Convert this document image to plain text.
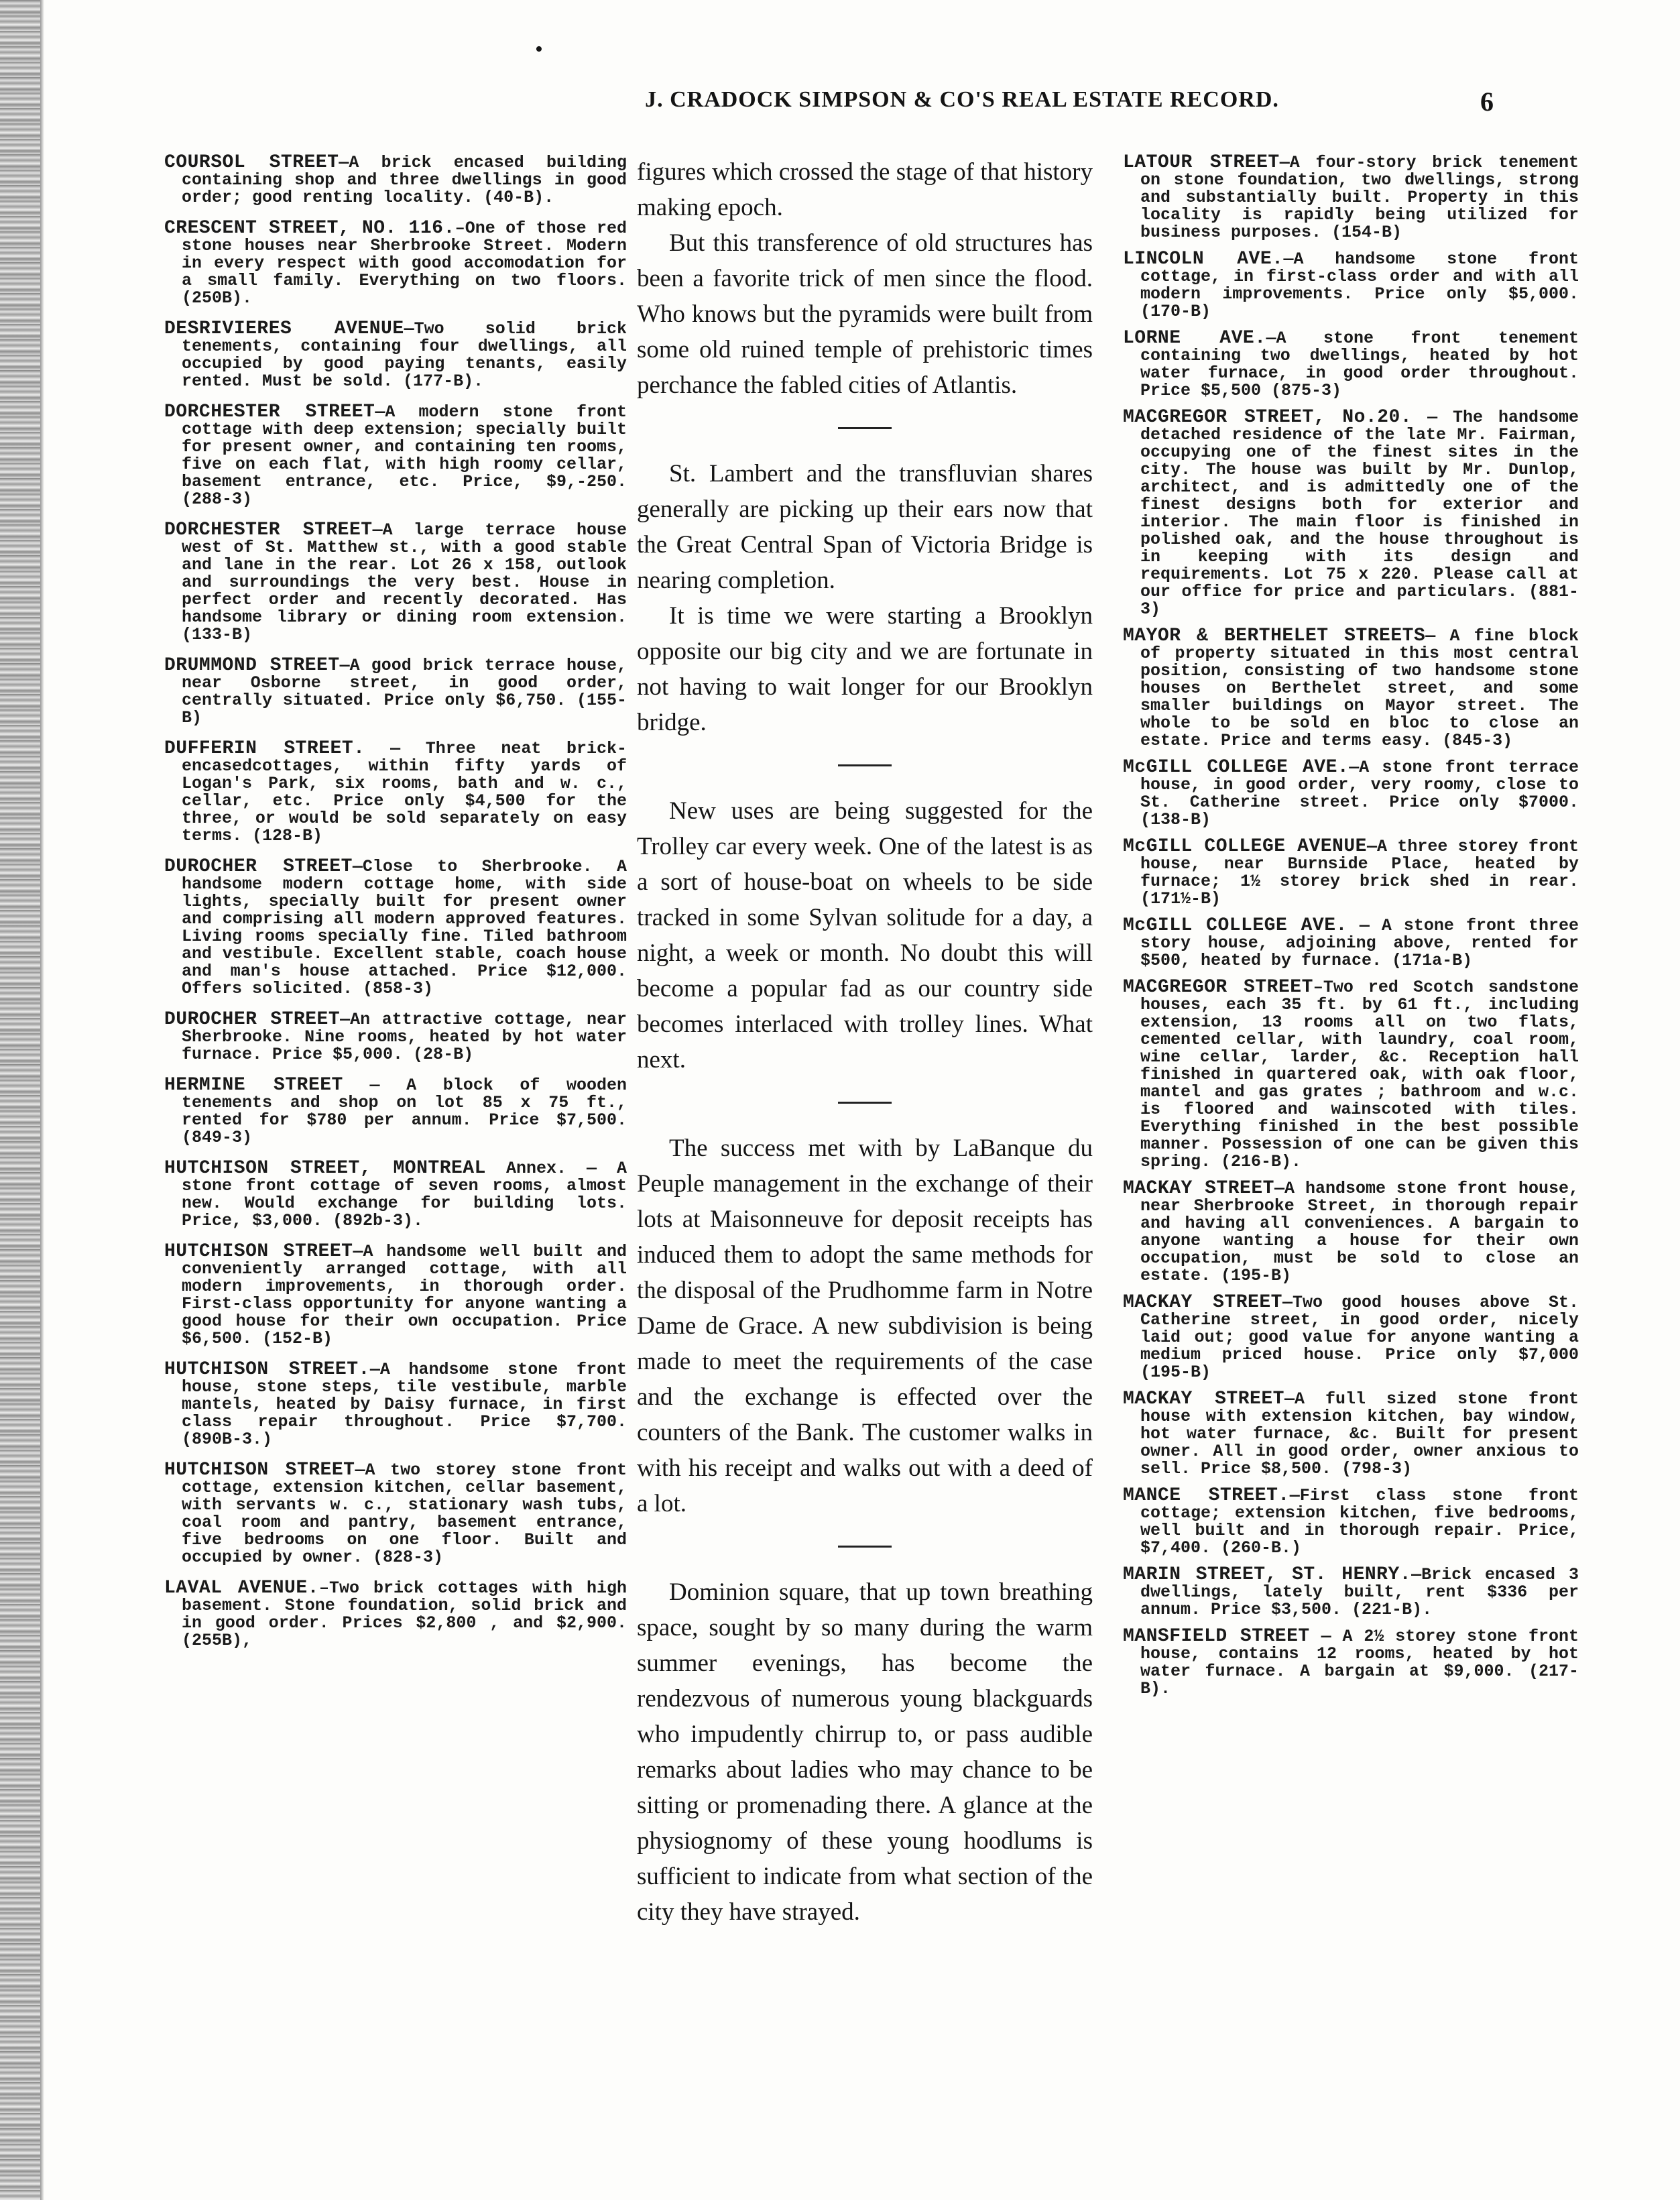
•
J. CRADOCK SIMPSON & CO'S REAL ESTATE RECORD.	6

COURSOL STREET—A brick encased building containing shop and three dwellings in good order; good renting locality. (40-B).

CRESCENT STREET, NO. 116.–One of those red stone houses near Sherbrooke Street. Modern in every respect with good accomodation for a small family. Everything on two floors. (250B).

DESRIVIERES AVENUE—Two solid brick tenements, containing four dwellings, all occupied by good paying tenants, easily rented. Must be sold. (177-B).

DORCHESTER STREET—A modern stone front cottage with deep extension; specially built for present owner, and containing ten rooms, five on each flat, with high roomy cellar, basement entrance, etc. Price, $9,-250. (288-3)

DORCHESTER STREET—A large terrace house west of St. Matthew st., with a good stable and lane in the rear. Lot 26 x 158, outlook and surroundings the very best. House in perfect order and recently decorated. Has handsome library or dining room extension. (133-B)

DRUMMOND STREET—A good brick terrace house, near Osborne street, in good order, centrally situated. Price only $6,750. (155-B)

DUFFERIN STREET. — Three neat brick-encasedcottages, within fifty yards of Logan's Park, six rooms, bath and w. c., cellar, etc. Price only $4,500 for the three, or would be sold separately on easy terms. (128-B)

DUROCHER STREET—Close to Sherbrooke. A handsome modern cottage home, with side lights, specially built for present owner and comprising all modern approved features. Living rooms specially fine. Tiled bathroom and vestibule. Excellent stable, coach house and man's house attached. Price $12,000. Offers solicited. (858-3)

DUROCHER STREET—An attractive cottage, near Sherbrooke. Nine rooms, heated by hot water furnace. Price $5,000. (28-B)

HERMINE STREET — A block of wooden tenements and shop on lot 85 x 75 ft., rented for $780 per annum. Price $7,500. (849-3)

HUTCHISON STREET, MONTREAL Annex. — A stone front cottage of seven rooms, almost new. Would exchange for building lots. Price, $3,000. (892b-3).

HUTCHISON STREET—A handsome well built and conveniently arranged cottage, with all modern improvements, in thorough order. First-class opportunity for anyone wanting a good house for their own occupation. Price $6,500. (152-B)

HUTCHISON STREET.—A handsome stone front house, stone steps, tile vestibule, marble mantels, heated by Daisy furnace, in first class repair throughout. Price $7,700. (890B-3.)

HUTCHISON STREET—A two storey stone front cottage, extension kitchen, cellar basement, with servants w. c., stationary wash tubs, coal room and pantry, basement entrance, five bedrooms on one floor. Built and occupied by owner. (828-3)

LAVAL AVENUE.–Two brick cottages with high basement. Stone foundation, solid brick and in good order. Prices $2,800 , and $2,900. (255B),

figures which crossed the stage of that history making epoch.

But this transference of old structures has been a favorite trick of men since the flood. Who knows but the pyramids were built from some old ruined temple of prehistoric times perchance the fabled cities of Atlantis.

St. Lambert and the transfluvian shares generally are picking up their ears now that the Great Central Span of Victoria Bridge is nearing completion.

It is time we were starting a Brooklyn opposite our big city and we are fortunate in not having to wait longer for our Brooklyn bridge.

New uses are being suggested for the Trolley car every week. One of the latest is as a sort of house-boat on wheels to be side tracked in some Sylvan solitude for a day, a night, a week or month. No doubt this will become a popular fad as our country side becomes interlaced with trolley lines. What next.

The success met with by LaBanque du Peuple management in the exchange of their lots at Maisonneuve for deposit receipts has induced them to adopt the same methods for the disposal of the Prudhomme farm in Notre Dame de Grace. A new subdivision is being made to meet the requirements of the case and the exchange is effected over the counters of the Bank. The customer walks in with his receipt and walks out with a deed of a lot.

Dominion square, that up town breathing space, sought by so many during the warm summer evenings, has become the rendezvous of numerous young blackguards who impudently chirrup to, or pass audible remarks about ladies who may chance to be sitting or promenading there. A glance at the physiognomy of these young hoodlums is sufficient to indicate from what section of the city they have strayed.

LATOUR STREET—A four-story brick tenement on stone foundation, two dwellings, strong and substantially built. Property in this locality is rapidly being utilized for business purposes. (154-B)

LINCOLN AVE.—A handsome stone front cottage, in first-class order and with all modern improvements. Price only $5,000. (170-B)

LORNE AVE.—A stone front tenement containing two dwellings, heated by hot water furnace, in good order throughout. Price $5,500 (875-3)

MACGREGOR STREET, No.20. — The handsome detached residence of the late Mr. Fairman, occupying one of the finest sites in the city. The house was built by Mr. Dunlop, architect, and is admittedly one of the finest designs both for exterior and interior. The main floor is finished in polished oak, and the house throughout is in keeping with its design and requirements. Lot 75 x 220. Please call at our office for price and particulars. (881-3)

MAYOR & BERTHELET STREETS— A fine block of property situated in this most central position, consisting of two handsome stone houses on Berthelet street, and some smaller buildings on Mayor street. The whole to be sold en bloc to close an estate. Price and terms easy. (845-3)

McGILL COLLEGE AVE.—A stone front terrace house, in good order, very roomy, close to St. Catherine street. Price only $7000. (138-B)

McGILL COLLEGE AVENUE—A three storey front house, near Burnside Place, heated by furnace; 1½ storey brick shed in rear. (171½-B)

McGILL COLLEGE AVE. — A stone front three story house, adjoining above, rented for $500, heated by furnace. (171a-B)

MACGREGOR STREET–Two red Scotch sandstone houses, each 35 ft. by 61 ft., including extension, 13 rooms all on two flats, cemented cellar, with laundry, coal room, wine cellar, larder, &c. Reception hall finished in quartered oak, with oak floor, mantel and gas grates ; bathroom and w.c. is floored and wainscoted with tiles. Everything finished in the best possible manner. Possession of one can be given this spring. (216-B).

MACKAY STREET—A handsome stone front house, near Sherbrooke Street, in thorough repair and having all conveniences. A bargain to anyone wanting a house for their own occupation, must be sold to close an estate. (195-B)

MACKAY STREET—Two good houses above St. Catherine street, in good order, nicely laid out; good value for anyone wanting a medium priced house. Price only $7,000 (195-B)

MACKAY STREET—A full sized stone front house with extension kitchen, bay window, hot water furnace, &c. Built for present owner. All in good order, owner anxious to sell. Price $8,500. (798-3)

MANCE STREET.—First class stone front cottage; extension kitchen, five bedrooms, well built and in thorough repair. Price, $7,400. (260-B.)

MARIN STREET, ST. HENRY.—Brick encased 3 dwellings, lately built, rent $336 per annum. Price $3,500. (221-B).

MANSFIELD STREET — A 2½ storey stone front house, contains 12 rooms, heated by hot water furnace. A bargain at $9,000. (217-B).
